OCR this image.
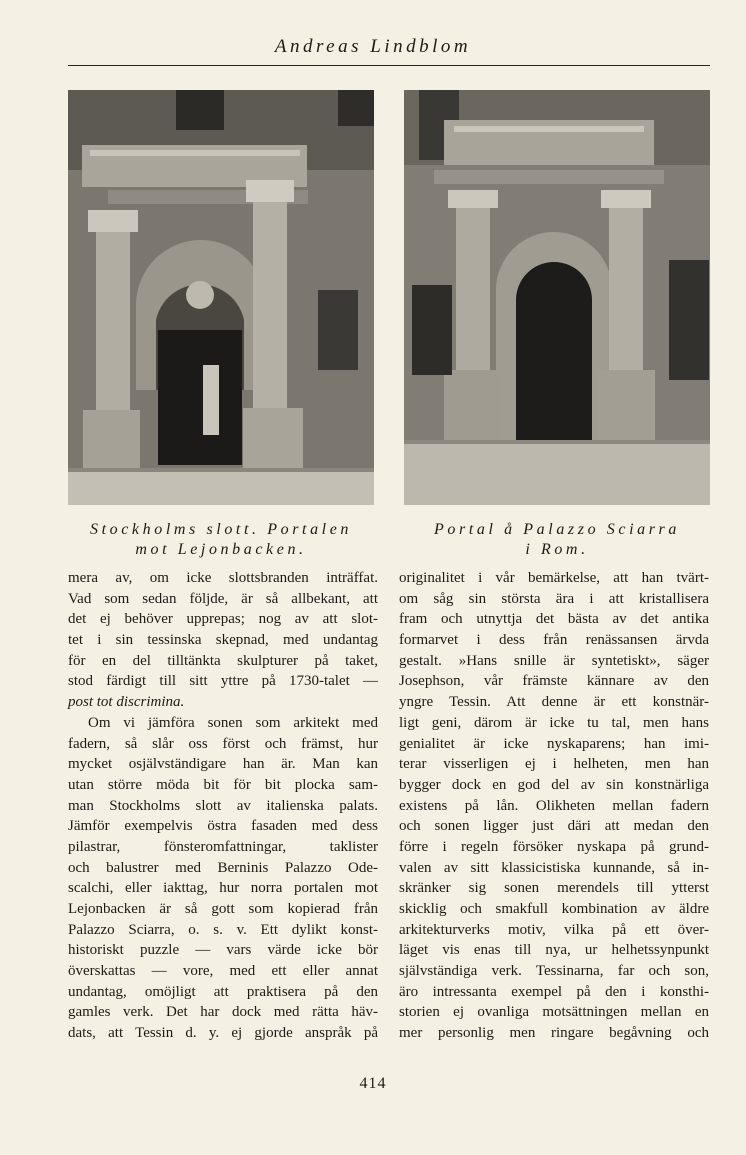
Andreas Lindblom
Stockholms slott. Portalen
mot Lejonbacken.
Portal å Palazzo Sciarra
i Rom.
mera av, om icke slottsbranden inträffat.
Vad som sedan följde, är så allbekant, att
det ej behöver upprepas; nog av att slot-
tet i sin tessinska skepnad, med undantag
för en del tilltänkta skulpturer på taket,
stod färdigt till sitt yttre på 1730-talet —
post tot discrimina.
Om vi jämföra sonen som arkitekt med
fadern, så slår oss först och främst, hur
mycket osjälvständigare han är. Man kan
utan större möda bit för bit plocka sam-
man Stockholms slott av italienska palats.
Jämför exempelvis östra fasaden med dess
pilastrar, fönsteromfattningar, taklister
och balustrer med Berninis Palazzo Ode-
scalchi, eller iakttag, hur norra portalen mot
Lejonbacken är så gott som kopierad från
Palazzo Sciarra, o. s. v. Ett dylikt konst-
historiskt puzzle — vars värde icke bör
överskattas — vore, med ett eller annat
undantag, omöjligt att praktisera på den
gamles verk. Det har dock med rätta häv-
dats, att Tessin d. y. ej gjorde anspråk på
originalitet i vår bemärkelse, att han tvärt-
om såg sin största ära i att kristallisera
fram och utnyttja det bästa av det antika
formarvet i dess från renässansen ärvda
gestalt. »Hans snille är syntetiskt», säger
Josephson, vår främste kännare av den
yngre Tessin. Att denne är ett konstnär-
ligt geni, därom är icke tu tal, men hans
genialitet är icke nyskaparens; han imi-
terar visserligen ej i helheten, men han
bygger dock en god del av sin konstnärliga
existens på lån. Olikheten mellan fadern
och sonen ligger just däri att medan den
förre i regeln försöker nyskapa på grund-
valen av sitt klassicistiska kunnande, så in-
skränker sig sonen merendels till ytterst
skicklig och smakfull kombination av äldre
arkitekturverks motiv, vilka på ett över-
läget vis enas till nya, ur helhetssynpunkt
självständiga verk. Tessinarna, far och son,
äro intressanta exempel på den i konsthi-
storien ej ovanliga motsättningen mellan en
mer personlig men ringare begåvning och
414
